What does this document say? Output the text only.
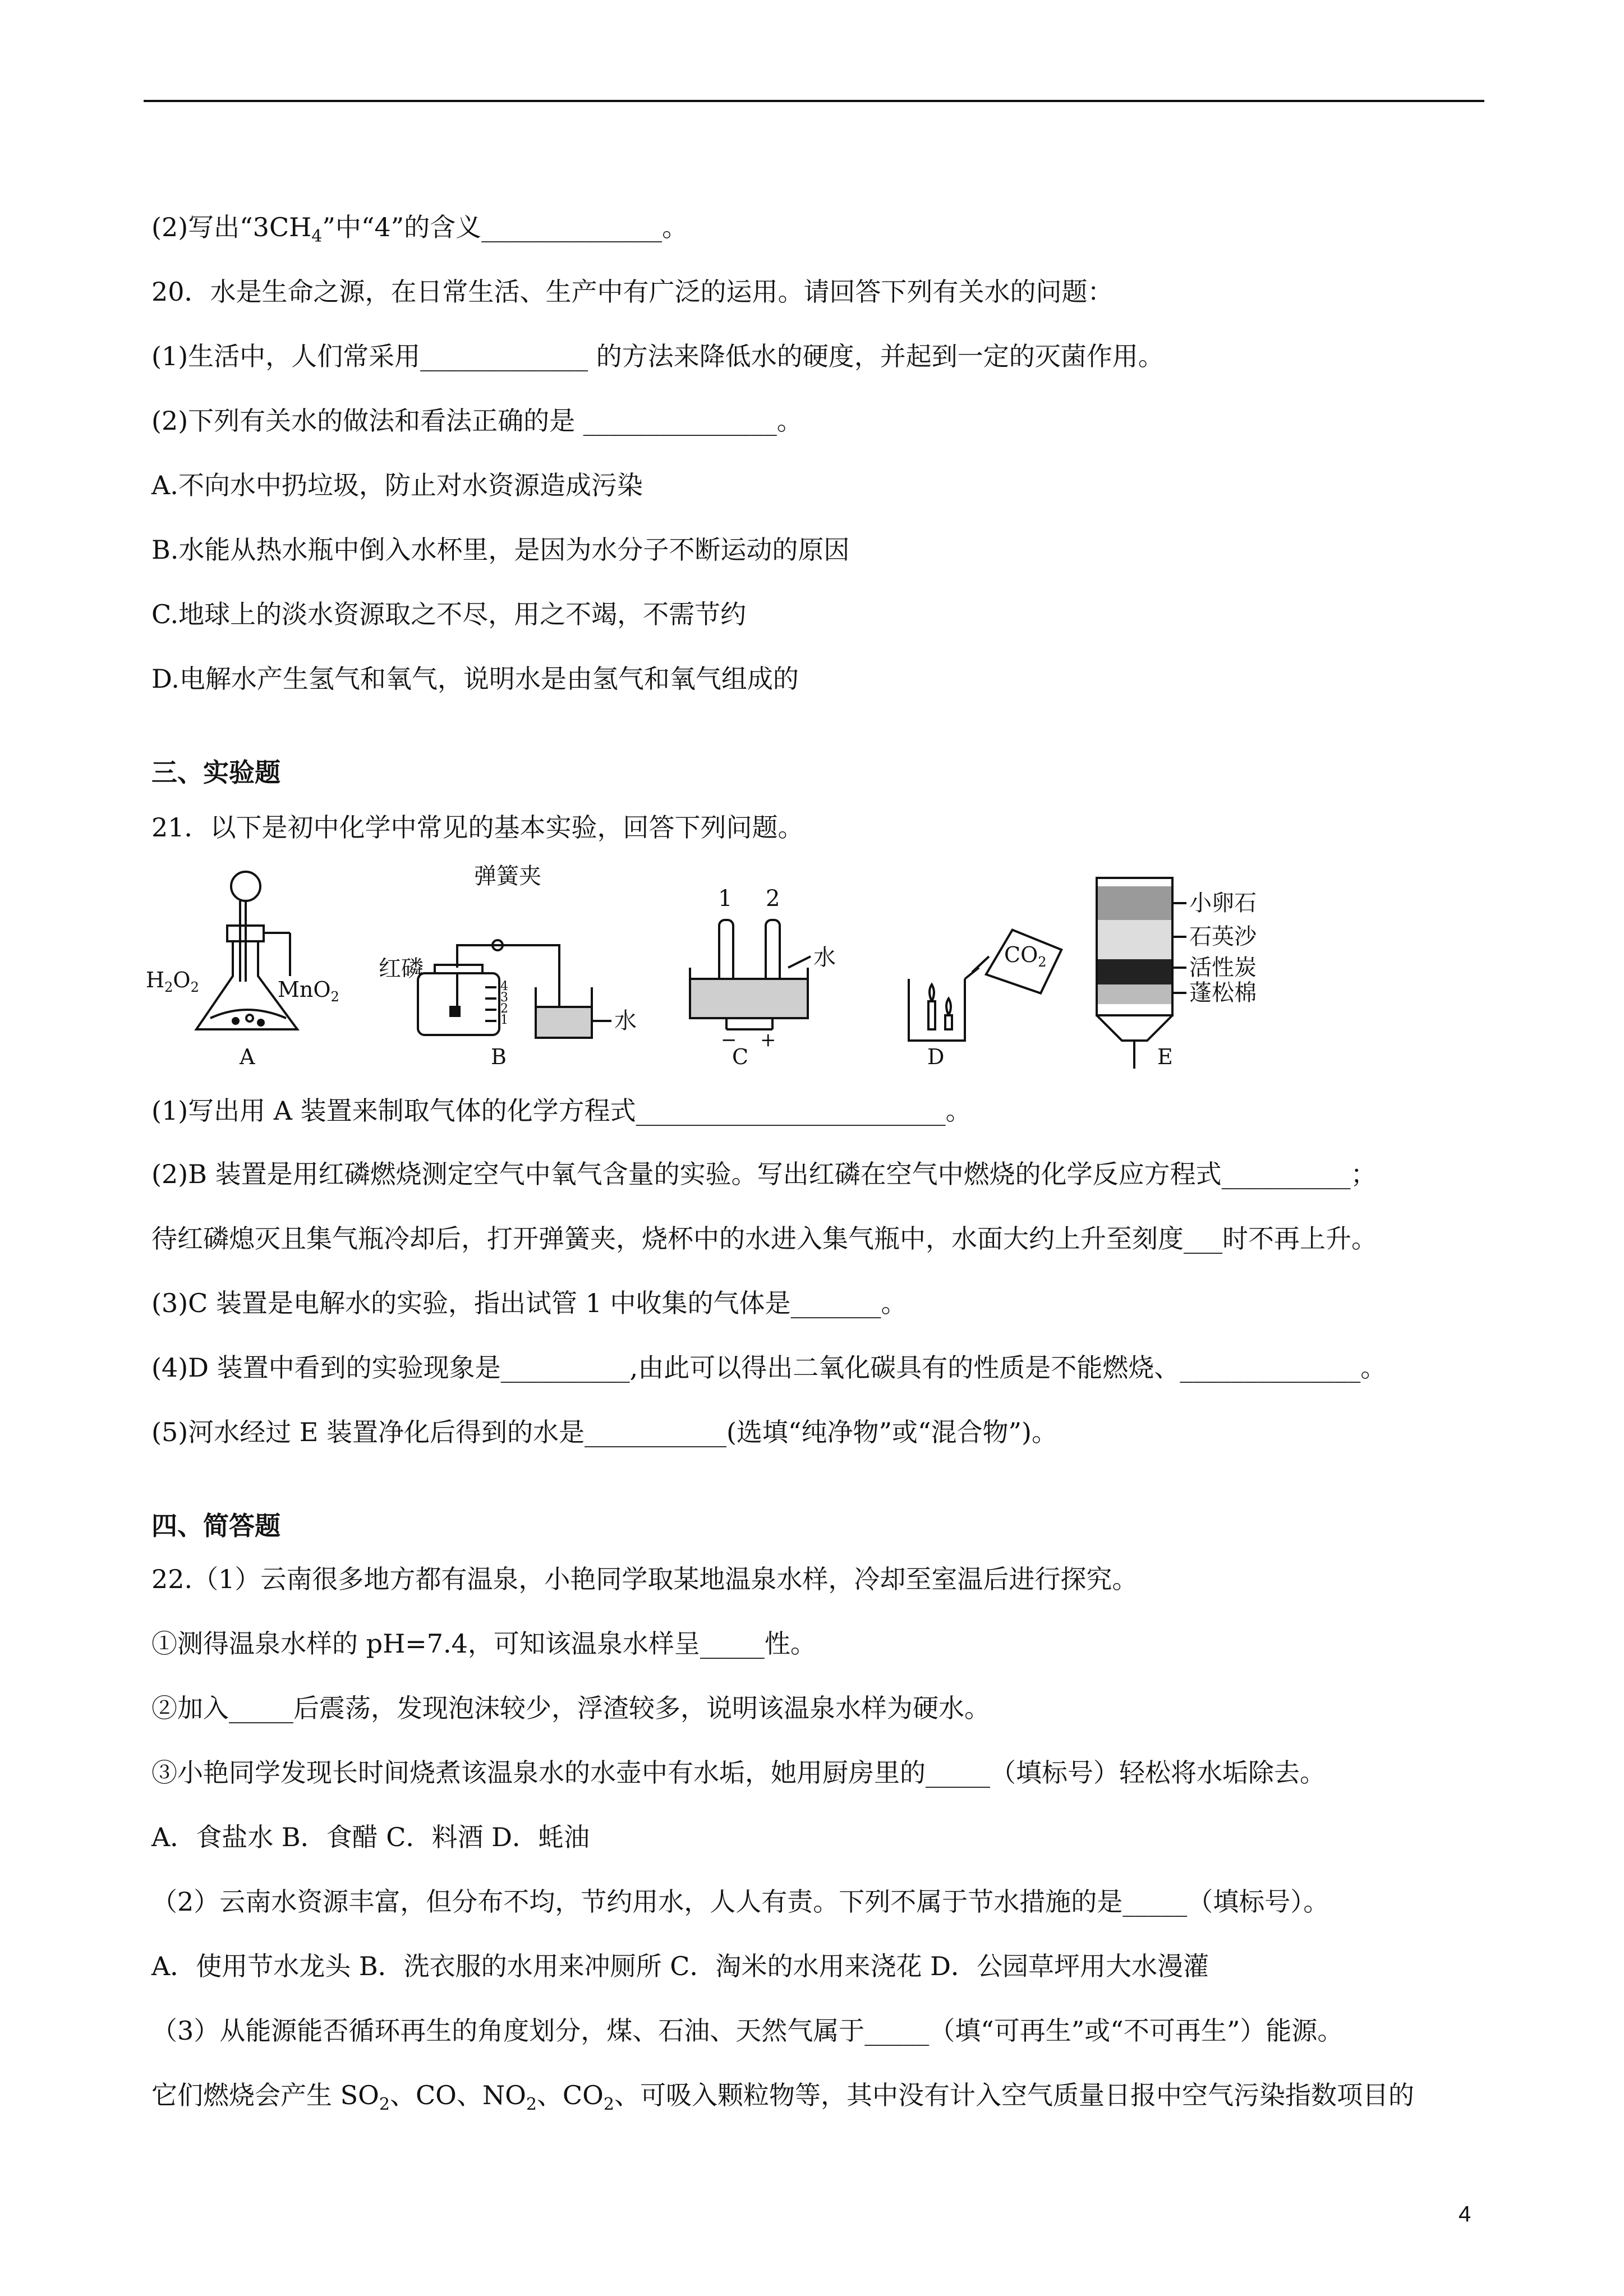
(2)写出“$3CH_4$”中“4”的含义______________。
20．水是生命之源，在日常生活、生产中有广泛的运用。请回答下列有关水的问题：
(1)生活中，人们常采用_____________ 的方法来降低水的硬度，并起到一定的灭菌作用。
(2)下列有关水的做法和看法正确的是 _______________。
A.不向水中扔垃圾，防止对水资源造成污染
B.水能从热水瓶中倒入水杯里，是因为水分子不断运动的原因
C.地球上的淡水资源取之不尽，用之不竭，不需节约
D.电解水产生氢气和氧气，说明水是由氢气和氧气组成的
三、实验题
21．以下是初中化学中常见的基本实验，回答下列问题。
$H_2O_2$	MnO$_2$
弹簧夹
红磷
水
4
3
2
1
1 2
水
− +
$CO_2$
小卵石
石英沙
活性炭
蓬松棉
A	B	C	D	E
(1)写出用 A 装置来制取气体的化学方程式________________________。
(2)B 装置是用红磷燃烧测定空气中氧气含量的实验。写出红磷在空气中燃烧的化学反应方程式__________；
待红磷熄灭且集气瓶冷却后，打开弹簧夹，烧杯中的水进入集气瓶中，水面大约上升至刻度___时不再上升。
(3)C 装置是电解水的实验，指出试管 1 中收集的气体是_______。
(4)D 装置中看到的实验现象是__________,由此可以得出二氧化碳具有的性质是不能燃烧、______________。
(5)河水经过 E 装置净化后得到的水是___________(选填“纯净物”或“混合物”)。
四、简答题
22.（1）云南很多地方都有温泉，小艳同学取某地温泉水样，冷却至室温后进行探究。
①测得温泉水样的 pH=7.4，可知该温泉水样呈_____性。
②加入_____后震荡，发现泡沫较少，浮渣较多，说明该温泉水样为硬水。
③小艳同学发现长时间烧煮该温泉水的水壶中有水垢，她用厨房里的_____（填标号）轻松将水垢除去。
A．食盐水 B．食醋 C．料酒 D．蚝油
（2）云南水资源丰富，但分布不均，节约用水，人人有责。下列不属于节水措施的是_____（填标号）。
A．使用节水龙头 B．洗衣服的水用来冲厕所 C．淘米的水用来浇花 D．公园草坪用大水漫灌
（3）从能源能否循环再生的角度划分，煤、石油、天然气属于_____（填“可再生”或“不可再生”）能源。
它们燃烧会产生 $SO_2$、CO、$NO_2$、$CO_2$、可吸入颗粒物等，其中没有计入空气质量日报中空气污染指数项目的
4
